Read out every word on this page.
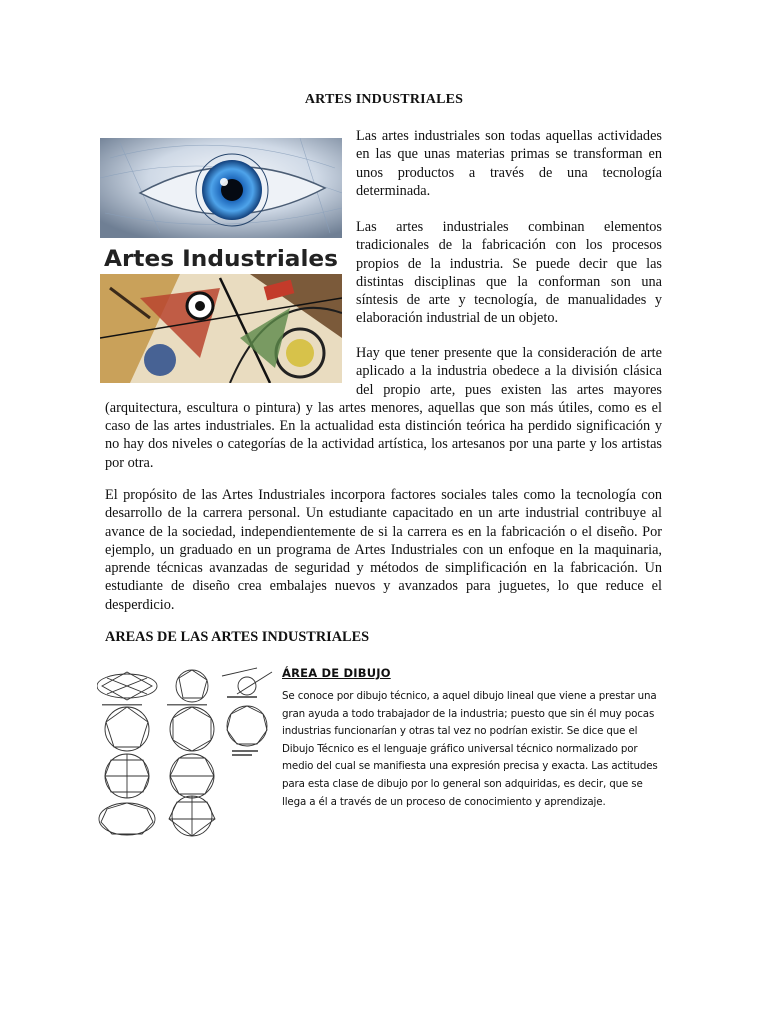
ARTES INDUSTRIALES
Artes Industriales

Las artes industriales son todas aquellas actividades en las que unas materias primas se transforman en unos productos a través de una tecnología determinada.

Las artes industriales combinan elementos tradicionales de la fabricación con los procesos propios de la industria. Se puede decir que las distintas disciplinas que la conforman son una síntesis de arte y tecnología, de manualidades y elaboración industrial de un objeto.

Hay que tener presente que la consideración de arte aplicado a la industria obedece a la división clásica del propio arte, pues existen las artes mayores
(arquitectura, escultura o pintura) y las artes menores, aquellas que son más útiles, como es el caso de las artes industriales. En la actualidad esta distinción teórica ha perdido significación y no hay dos niveles o categorías de la actividad artística, los artesanos por una parte y los artistas por otra.

El propósito de las Artes Industriales incorpora factores sociales tales como la tecnología con desarrollo de la carrera personal. Un estudiante capacitado en un arte industrial contribuye al avance de la sociedad, independientemente de si la carrera es en la fabricación o el diseño. Por ejemplo, un graduado en un programa de Artes Industriales con un enfoque en la maquinaria, aprende técnicas avanzadas de seguridad y métodos de simplificación en la fabricación. Un estudiante de diseño crea embalajes nuevos y avanzados para juguetes, lo que reduce el desperdicio.

AREAS DE LAS ARTES INDUSTRIALES
ÁREA DE DIBUJO

Se conoce por dibujo técnico, a aquel dibujo lineal que viene a prestar una gran ayuda a todo trabajador de la industria; puesto que sin él muy pocas industrias funcionarían y otras tal vez no podrían existir. Se dice que el Dibujo Técnico es el lenguaje gráfico universal técnico normalizado por medio del cual se manifiesta una expresión precisa y exacta. Las actitudes para esta clase de dibujo por lo general son adquiridas, es decir, que se llega a él a través de un proceso de conocimiento y aprendizaje.
